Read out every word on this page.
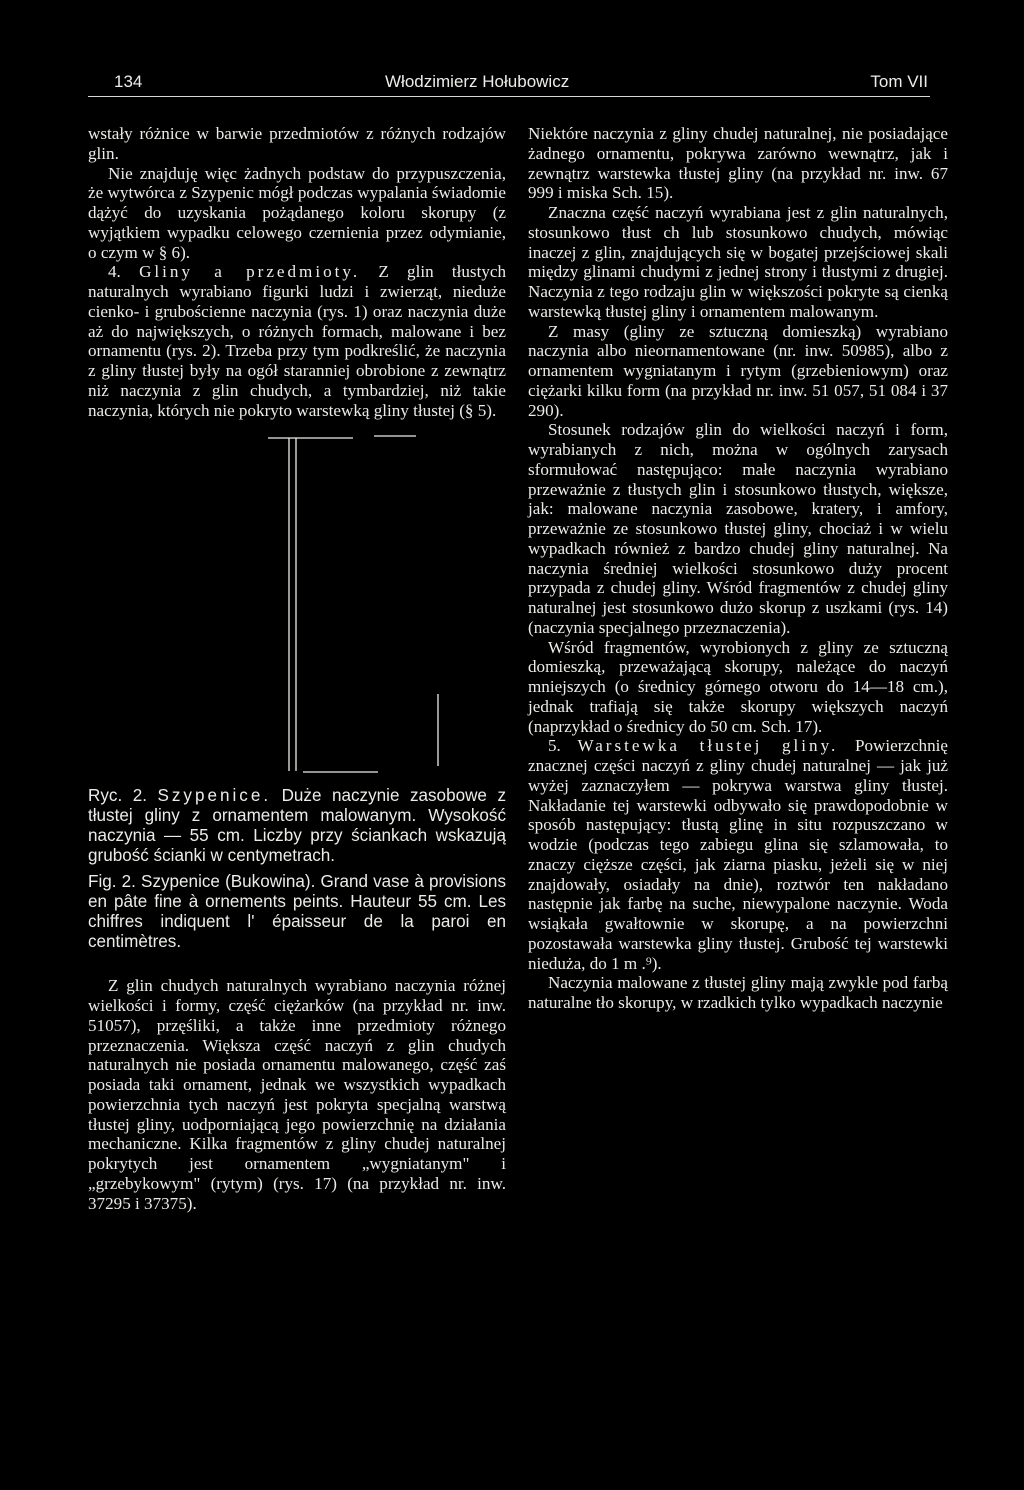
134	Włodzimierz Hołubowicz	Tom VII

wstały różnice w barwie przedmiotów z różnych rodzajów glin.

Nie znajduję więc żadnych podstaw do przypuszczenia, że wytwórca z Szypenic mógł podczas wypalania świadomie dążyć do uzyskania pożądanego koloru skorupy (z wyjątkiem wypadku celowego czernienia przez odymianie, o czym w § 6).

4. Gliny a przedmioty. Z glin tłustych naturalnych wyrabiano figurki ludzi i zwierząt, nieduże cienko- i grubościenne naczynia (rys. 1) oraz naczynia duże aż do największych, o różnych formach, malowane i bez ornamentu (rys. 2). Trzeba przy tym podkreślić, że naczynia z gliny tłustej były na ogół staranniej obrobione z zewnątrz niż naczynia z glin chudych, a tymbardziej, niż takie naczynia, których nie pokryto warstewką gliny tłustej (§ 5).

Ryc. 2. Szypenice. Duże naczynie zasobowe z tłustej gliny z ornamentem malowanym. Wysokość naczynia — 55 cm. Liczby przy ściankach wskazują grubość ścianki w centymetrach.

Fig. 2. Szypenice (Bukowina). Grand vase à provisions en pâte fine à ornements peints. Hauteur 55 cm. Les chiffres indiquent l' épaisseur de la paroi en centimètres.

Z glin chudych naturalnych wyrabiano naczynia różnej wielkości i formy, część ciężarków (na przykład nr. inw. 51057), przęśliki, a także inne przedmioty różnego przeznaczenia. Większa część naczyń z glin chudych naturalnych nie posiada ornamentu malowanego, część zaś posiada taki ornament, jednak we wszystkich wypadkach powierzchnia tych naczyń jest pokryta specjalną warstwą tłustej gliny, uodporniającą jego powierzchnię na działania mechaniczne. Kilka fragmentów z gliny chudej naturalnej pokrytych jest ornamentem „wygniatanym" i „grzebykowym" (rytym) (rys. 17) (na przykład nr. inw. 37295 i 37375).

Niektóre naczynia z gliny chudej naturalnej, nie posiadające żadnego ornamentu, pokrywa zarówno wewnątrz, jak i zewnątrz warstewka tłustej gliny (na przykład nr. inw. 67 999 i miska Sch. 15).

Znaczna część naczyń wyrabiana jest z glin naturalnych, stosunkowo tłust ch lub stosunkowo chudych, mówiąc inaczej z glin, znajdujących się w bogatej przejściowej skali między glinami chudymi z jednej strony i tłustymi z drugiej. Naczynia z tego rodzaju glin w większości pokryte są cienką warstewką tłustej gliny i ornamentem malowanym.

Z masy (gliny ze sztuczną domieszką) wyrabiano naczynia albo nieornamentowane (nr. inw. 50985), albo z ornamentem wygniatanym i rytym (grzebieniowym) oraz ciężarki kilku form (na przykład nr. inw. 51 057, 51 084 i 37 290).

Stosunek rodzajów glin do wielkości naczyń i form, wyrabianych z nich, można w ogólnych zarysach sformułować następująco: małe naczynia wyrabiano przeważnie z tłustych glin i stosunkowo tłustych, większe, jak: malowane naczynia zasobowe, kratery, i amfory, przeważnie ze stosunkowo tłustej gliny, chociaż i w wielu wypadkach również z bardzo chudej gliny naturalnej. Na naczynia średniej wielkości stosunkowo duży procent przypada z chudej gliny. Wśród fragmentów z chudej gliny naturalnej jest stosunkowo dużo skorup z uszkami (rys. 14) (naczynia specjalnego przeznaczenia).

Wśród fragmentów, wyrobionych z gliny ze sztuczną domieszką, przeważającą skorupy, należące do naczyń mniejszych (o średnicy górnego otworu do 14—18 cm.), jednak trafiają się także skorupy większych naczyń (naprzykład o średnicy do 50 cm. Sch. 17).

5. Warstewka tłustej gliny. Powierzchnię znacznej części naczyń z gliny chudej naturalnej — jak już wyżej zaznaczyłem — pokrywa warstwa gliny tłustej. Nakładanie tej warstewki odbywało się prawdopodobnie w sposób następujący: tłustą glinę in situ rozpuszczano w wodzie (podczas tego zabiegu glina się szlamowała, to znaczy cięższe części, jak ziarna piasku, jeżeli się w niej znajdowały, osiadały na dnie), roztwór ten nakładano następnie jak farbę na suche, niewypalone naczynie. Woda wsiąkała gwałtownie w skorupę, a na powierzchni pozostawała warstewka gliny tłustej. Grubość tej warstewki nieduża, do 1 m .⁹).

Naczynia malowane z tłustej gliny mają zwykle pod farbą naturalne tło skorupy, w rzadkich tylko wypadkach naczynie
